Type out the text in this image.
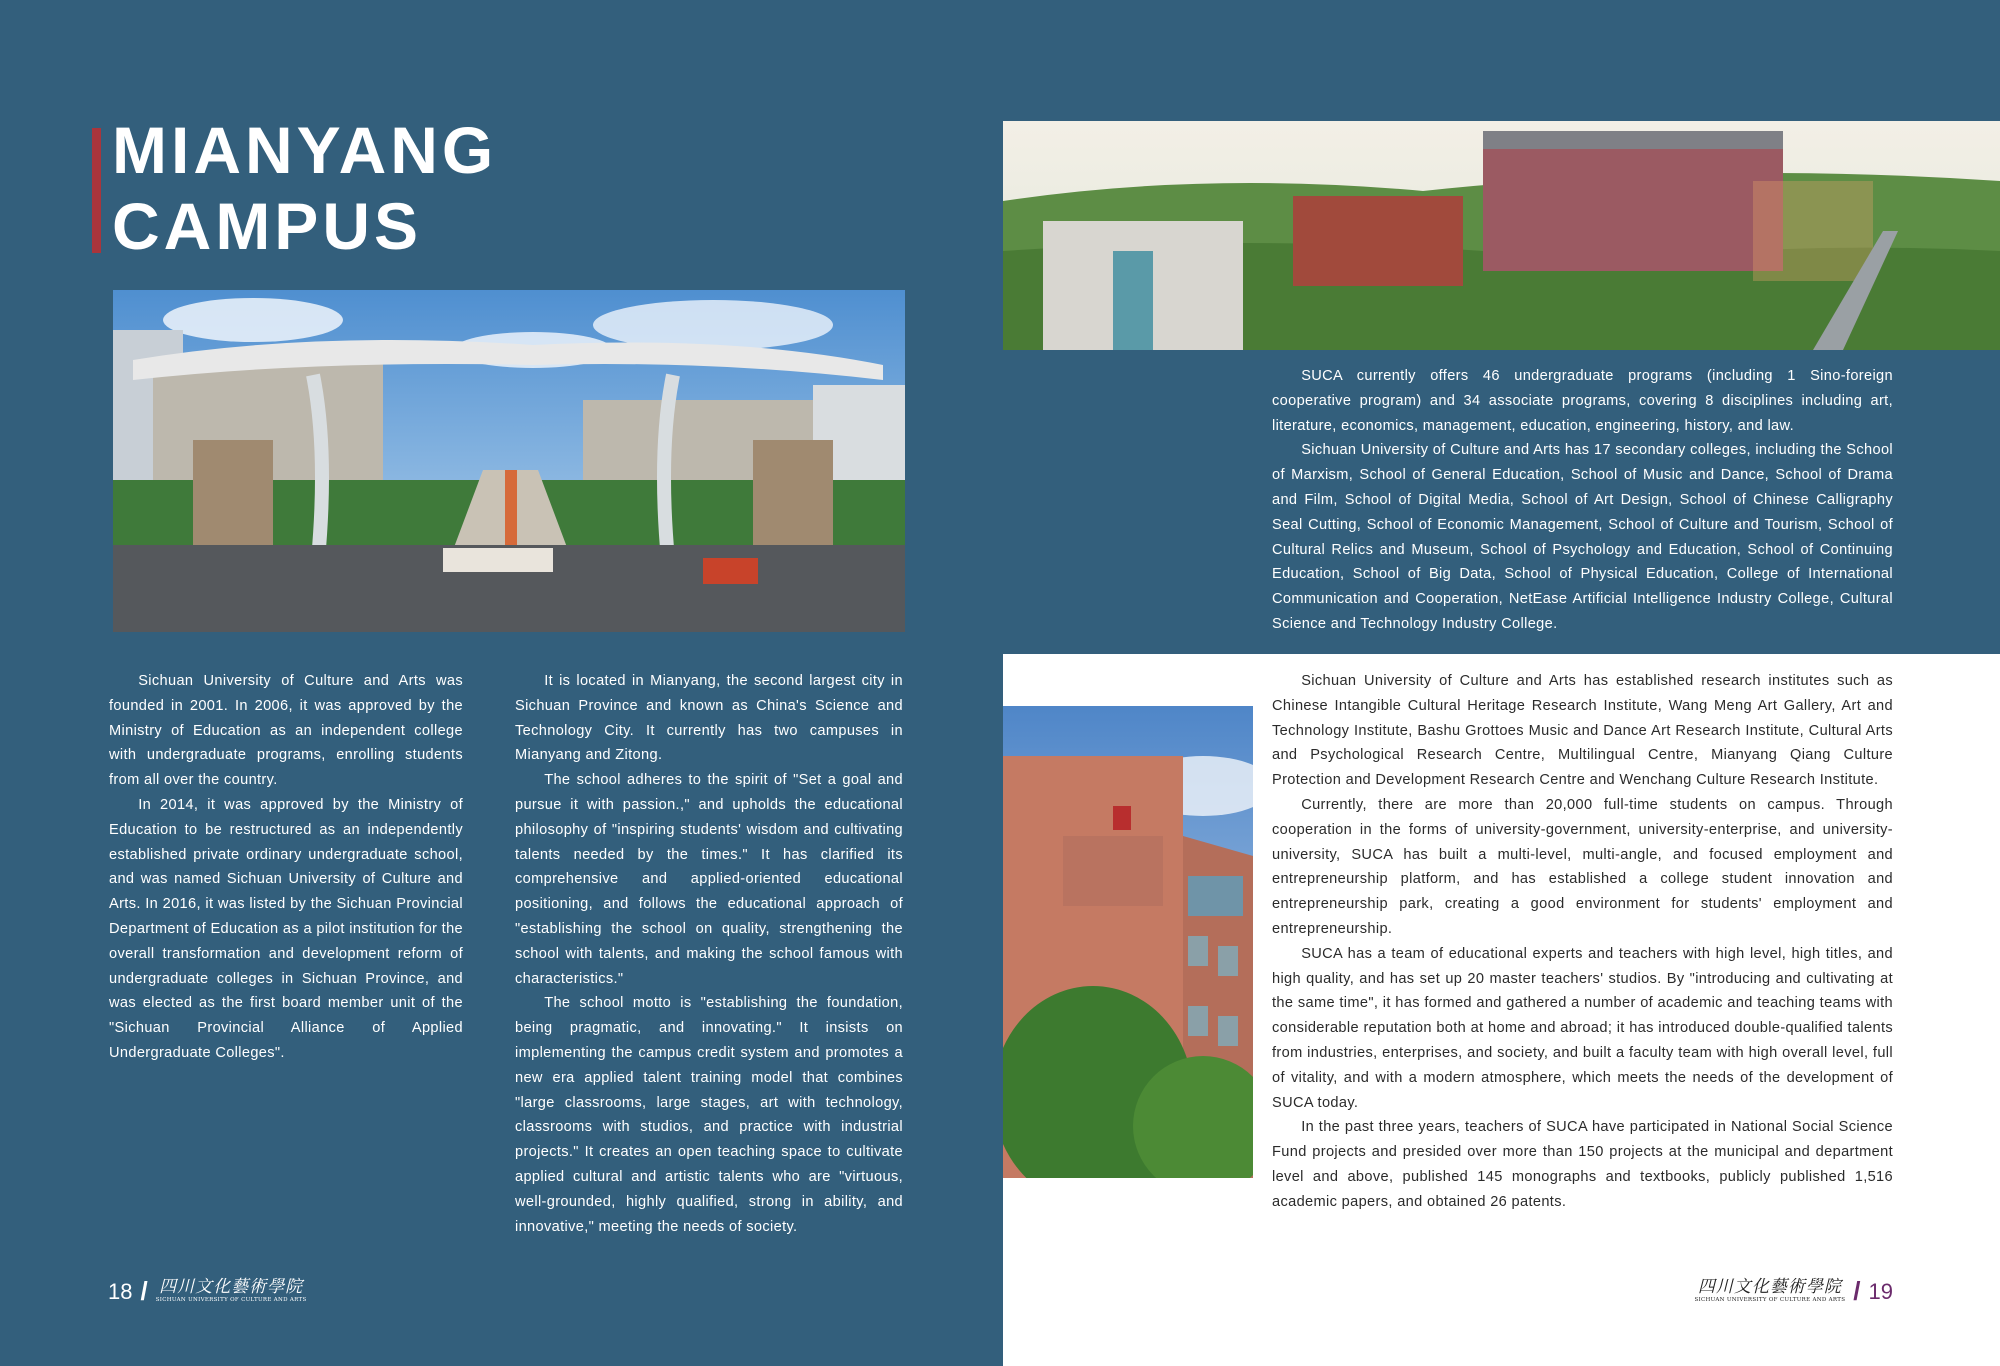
MIANYANG
CAMPUS

Sichuan University of Culture and Arts was founded in 2001. In 2006, it was approved by the Ministry of Education as an independent college with undergraduate programs, enrolling students from all over the country.

In 2014, it was approved by the Ministry of Education to be restructured as an independently established private ordinary undergraduate school, and was named Sichuan University of Culture and Arts. In 2016, it was listed by the Sichuan Provincial Department of Education as a pilot institution for the overall transformation and development reform of undergraduate colleges in Sichuan Province, and was elected as the first board member unit of the "Sichuan Provincial Alliance of Applied Undergraduate Colleges".

It is located in Mianyang, the second largest city in Sichuan Province and known as China's Science and Technology City. It currently has two campuses in Mianyang and Zitong.

The school adheres to the spirit of "Set a goal and pursue it with passion.," and upholds the educational philosophy of "inspiring students' wisdom and cultivating talents needed by the times." It has clarified its comprehensive and applied-oriented educational positioning, and follows the educational approach of "establishing the school on quality, strengthening the school with talents, and making the school famous with characteristics."

The school motto is "establishing the foundation, being pragmatic, and innovating." It insists on implementing the campus credit system and promotes a new era applied talent training model that combines "large classrooms, large stages, art with technology, classrooms with studios, and practice with industrial projects." It creates an open teaching space to cultivate applied cultural and artistic talents who are "virtuous, well-grounded, highly qualified, strong in ability, and innovative," meeting the needs of society.

SUCA currently offers 46 undergraduate programs (including 1 Sino-foreign cooperative program) and 34 associate programs, covering 8 disciplines including art, literature, economics, management, education, engineering, history, and law.

Sichuan University of Culture and Arts has 17 secondary colleges, including the School of Marxism, School of General Education, School of Music and Dance, School of Drama and Film, School of Digital Media, School of Art Design, School of Chinese Calligraphy Seal Cutting, School of Economic Management, School of Culture and Tourism, School of Cultural Relics and Museum, School of Psychology and Education, School of Continuing Education, School of Big Data, School of Physical Education, College of International Communication and Cooperation, NetEase Artificial Intelligence Industry College, Cultural Science and Technology Industry College.

Sichuan University of Culture and Arts has established research institutes such as Chinese Intangible Cultural Heritage Research Institute, Wang Meng Art Gallery, Art and Technology Institute, Bashu Grottoes Music and Dance Art Research Institute, Cultural Arts and Psychological Research Centre, Multilingual Centre, Mianyang Qiang Culture Protection and Development Research Centre and Wenchang Culture Research Institute.

Currently, there are more than 20,000 full-time students on campus. Through cooperation in the forms of university-government, university-enterprise, and university-university, SUCA has built a multi-level, multi-angle, and focused employment and entrepreneurship platform, and has established a college student innovation and entrepreneurship park, creating a good environment for students' employment and entrepreneurship.

SUCA has a team of educational experts and teachers with high level, high titles, and high quality, and has set up 20 master teachers' studios. By "introducing and cultivating at the same time", it has formed and gathered a number of academic and teaching teams with considerable reputation both at home and abroad; it has introduced double-qualified talents from industries, enterprises, and society, and built a faculty team with high overall level, full of vitality, and with a modern atmosphere, which meets the needs of the development of SUCA today.

In the past three years, teachers of SUCA have participated in National Social Science Fund projects and presided over more than 150 projects at the municipal and department level and above, published 145 monographs and textbooks, publicly published 1,516 academic papers, and obtained 26 patents.

18 / 四川文化藝術學院
SICHUAN UNIVERSITY OF CULTURE AND ARTS
四川文化藝術學院
SICHUAN UNIVERSITY OF CULTURE AND ARTS / 19
